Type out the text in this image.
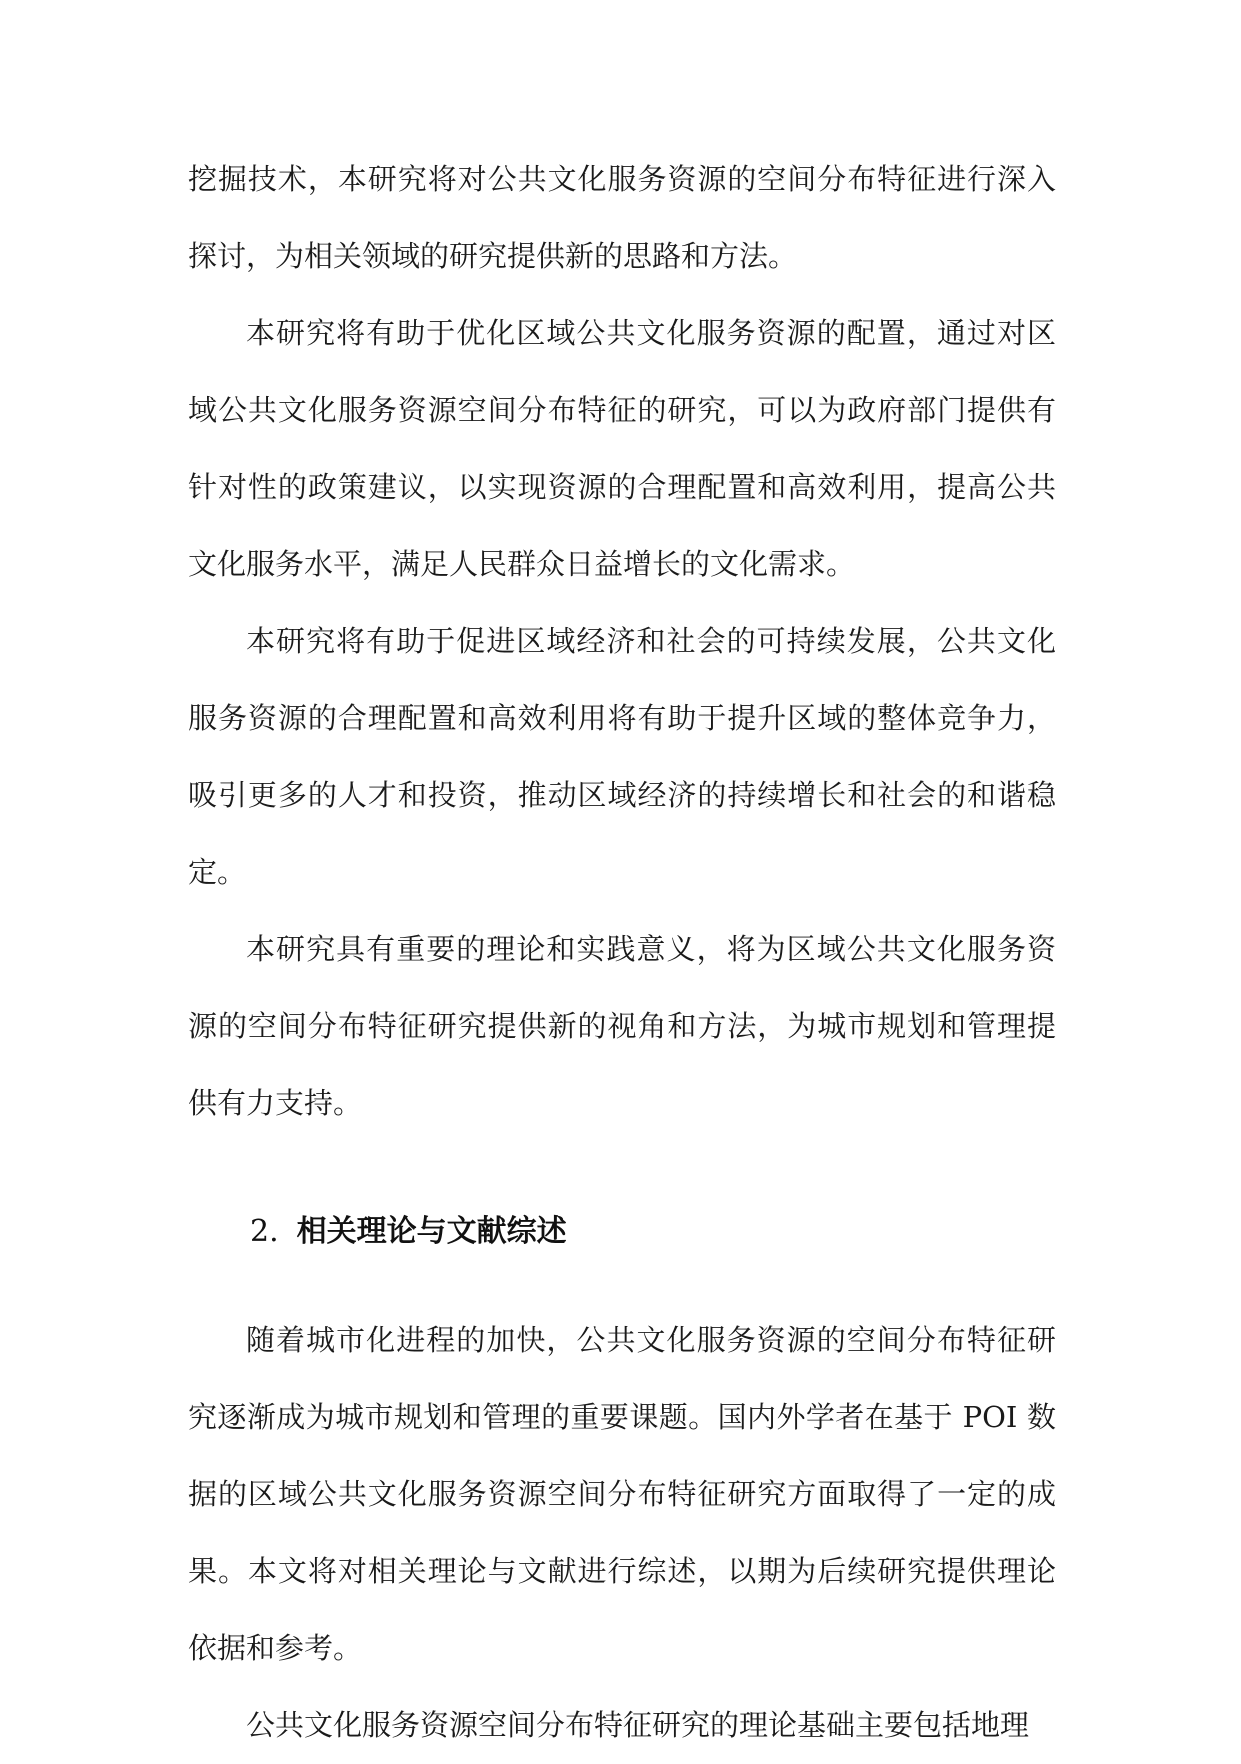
挖掘技术，本研究将对公共文化服务资源的空间分布特征进行深入探讨，为相关领域的研究提供新的思路和方法。

本研究将有助于优化区域公共文化服务资源的配置，通过对区域公共文化服务资源空间分布特征的研究，可以为政府部门提供有针对性的政策建议，以实现资源的合理配置和高效利用，提高公共文化服务水平，满足人民群众日益增长的文化需求。

本研究将有助于促进区域经济和社会的可持续发展，公共文化服务资源的合理配置和高效利用将有助于提升区域的整体竞争力，吸引更多的人才和投资，推动区域经济的持续增长和社会的和谐稳定。

本研究具有重要的理论和实践意义，将为区域公共文化服务资源的空间分布特征研究提供新的视角和方法，为城市规划和管理提供有力支持。

2. 相关理论与文献综述

随着城市化进程的加快，公共文化服务资源的空间分布特征研究逐渐成为城市规划和管理的重要课题。国内外学者在基于 POI 数据的区域公共文化服务资源空间分布特征研究方面取得了一定的成果。本文将对相关理论与文献进行综述，以期为后续研究提供理论依据和参考。

公共文化服务资源空间分布特征研究的理论基础主要包括地理
